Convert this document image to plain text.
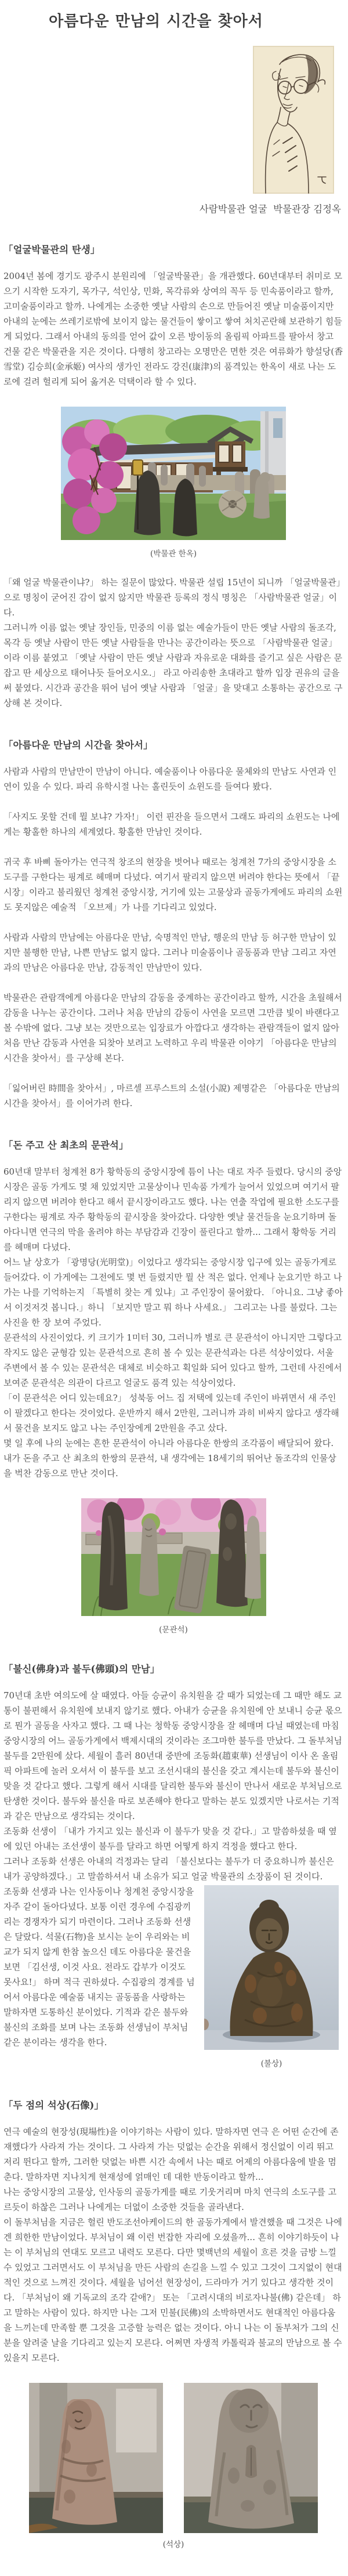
아름다운 만남의 시간을 찾아서
사람박물관 얼굴  박물관장 김정옥
「얼굴박물관의 탄생」

2004년 봄에 경기도 광주시 분원리에 「얼굴박물관」을 개관했다. 60년대부터 취미로 모으기 시작한 도자기, 목가구, 석인상, 민화, 목각류와 상여의 꼭두 등 민속품이라고 할까, 고미술품이라고 할까. 나에게는 소중한 옛날 사람의 손으로 만들어진 옛날 미술품이지만 아내의 눈에는 쓰레기로밖에 보이지 않는 물건들이 쌓이고 쌓여 처치곤란해 보관하기 힘들게 되었다. 그래서 아내의 동의를 얻어 값이 오른 방이동의 올림픽 아파트를 팔아서 창고 건물 같은 박물관을 지은 것이다. 다행히 창고라는 오명만은 면한 것은 여류화가 향설당(香雪堂) 김승희(金承姬) 여사의 생가인 전라도 강진(康津)의 품격있는 한옥이 새로 나는 도로에 걸려 헐리게 되어 옮겨온 덕택이라 할 수 있다.

(박물관 한옥)

「왜 얼굴 박물관이냐?」 하는 질문이 많았다. 박물관 설립 15년이 되니까 「얼굴박물관」으로 명칭이 굳어진 감이 없지 않지만 박물관 등록의 정식 명칭은 「사람박물관 얼굴」이다.

그러니까 이름 없는 옛날 장인들, 민중의 이름 없는 예술가들이 만든 옛날 사람의 돌조각, 목각 등 옛날 사람이 만든 옛날 사람들을 만나는 공간이라는 뜻으로 「사람박물관 얼굴」이라 이름 붙였고 「옛날 사람이 만든 옛날 사람과 자유로운 대화를 즐기고 싶은 사람은 문잡고 딴 세상으로 태어나듯 들어오시오.」 라고 아리송한 초대라고 할까 입장 권유의 글을 써 붙였다. 시간과 공간을 뛰어 넘어 옛날 사람과 「얼굴」을 맞대고 소통하는 공간으로 구상해 본 것이다.

「아름다운 만남의 시간을 찾아서」

사람과 사람의 만남만이 만남이 아니다. 예술품이나 아름다운 물체와의 만남도 사연과 인연이 있을 수 있다. 파리 유학시절 나는 홀린듯이 쇼윈도를 들여다 봤다.

「사지도 못할 건데 뭘 보냐? 가자!」 이런 핀잔을 들으면서 그래도 파리의 쇼윈도는 나에게는 황홀한 하나의 세계였다. 황홀한 만남인 것이다.

귀국 후 바삐 돌아가는 연극적 창조의 현장을 벗어나 때로는 청계천 7가의 중앙시장을 소도구를 구한다는 핑계로 헤매며 다녔다. 여기서 팔리지 않으면 버려야 한다는 뜻에서 「끝시장」이라고 불리웠던 청계천 중앙시장, 거기에 있는 고물상과 골동가게에도 파리의 쇼윈도 못지않은 예술적 「오브제」가 나를 기다리고 있었다.

사람과 사람의 만남에는 아름다운 만남, 숙명적인 만남, 행운의 만남 등 허구한 만남이 있지만 불행한 만남, 나쁜 만남도 없지 않다. 그러나 미술품이나 골동품과 만남 그리고 자연과의 만남은 아름다운 만남, 감동적인 만남만이 있다.

박물관은 관람객에게 아름다운 만남의 감동을 중계하는 공간이라고 할까, 시간을 초월해서 감동을 나누는 공간이다. 그러나 처음 만남의 감동이 사연을 모르면 그만큼 빛이 바랜다고 볼 수밖에 없다. 그냥 보는 것만으로는 입장료가 아깝다고 생각하는 관람객들이 없지 않아 처음 만난 감동과 사연을 되찾아 보려고 노력하고 우리 박물관 이야기 「아름다운 만남의 시간을 찾아서」를 구상해 본다.

「잃어버린 時間을 찾아서」, 마르셀 프루스트의 소설(小說) 제명같은 「아름다운 만남의 시간을 찾아서」를 이어가려 한다.

「돈 주고 산 최초의 문관석」

60년대 말부터 청계천 8가 황학동의 중앙시장에 틈이 나는 대로 자주 들렸다. 당시의 중앙시장은 골동 가게도 몇 채 있었지만 고물상이나 민속품 가게가 늘어서 있었으며 여기서 팔리지 않으면 버려야 한다고 해서 끝시장이라고도 했다. 나는 연출 작업에 필요한 소도구를 구한다는 핑계로 자주 황학동의 끝시장을 찾아갔다. 다양한 옛날 물건들을 눈요기하며 돌아다니면 연극의 막을 올려야 하는 부담감과 긴장이 풀린다고 할까... 그래서 황학동 거리를 헤매며 다녔다.

어느 날 상호가 「광명당(光明堂)」이었다고 생각되는 중앙시장 입구에 있는 골동가게로 들어갔다. 이 가게에는 그전에도 몇 번 들렸지만 뭘 산 적은 없다. 언제나 눈요기만 하고 나가는 나를 기억하는지 「특별히 찾는 게 있냐」고 주인장이 물어왔다. 「아니요. 그냥 좋아서 이것저것 봅니다.」하니 「보지만 말고 뭐 하나 사세요.」 그리고는 나를 불렀다. 그는 사진을 한 장 보여 주었다.

문관석의 사진이었다. 키 크기가 1미터 30, 그러니까 별로 큰 문관석이 아니지만 그렇다고 작지도 않은 균형감 있는 문관석으로 흔히 볼 수 있는 문관석과는 다른 석상이었다. 서울 주변에서 볼 수 있는 문관석은 대체로 비슷하고 획일화 되어 있다고 할까, 그런데 사진에서 보여준 문관석은 의관이 다르고 얼굴도 품격 있는 석상이었다.

「이 문관석은 어디 있는데요?」 성북동 어느 집 저택에 있는데 주인이 바뀌면서 새 주인이 팔겠다고 한다는 것이었다. 운반까지 해서 2만원, 그러니까 과히 비싸지 않다고 생각해서 물건을 보지도 않고 나는 주인장에게 2만원을 주고 샀다.

몇 일 후에 나의 눈에는 흔한 문관석이 아니라 아름다운 한쌍의 조각품이 배달되어 왔다. 내가 돈을 주고 산 최초의 한쌍의 문관석, 내 생각에는 18세기의 뛰어난 돌조각의 인물상을 벅찬 감동으로 만난 것이다.

(문관석)
「불신(佛身)과 불두(佛頭)의 만남」

70년대 초반 여의도에 살 때였다. 아들 승균이 유치원을 갈 때가 되었는데 그 때만 해도 교통이 불편해서 유치원에 보내지 않기로 했다. 아내가 승균을 유치원에 안 보내니 승균 몫으로 뭔가 골동을 사자고 했다. 그 때 나는 청학동 중앙시장을 잘 헤매며 다닐 때였는데 마침 중앙시장의 어느 골동가게에서 백제시대의 것이라는 조그마한 불두를 만났다. 그 돌부처님 불두를 2만원에 샀다. 세월이 흘러 80년대 중반에 조동화(趙東華) 선생님이 이사 온 올림픽 아파트에 놀러 오셔서 이 불두를 보고 조선시대의 불신을 갖고 계시는데 불두와 불신이 맞을 것 같다고 했다. 그렇게 해서 시대를 달리한 불두와 불신이 만나서 새로운 부처님으로 탄생한 것이다. 불두와 불신을 따로 보존해야 한다고 말하는 분도 있겠지만 나로서는 기적과 같은 만남으로 생각되는 것이다.

조동화 선생이 「내가 가지고 있는 불신과 이 불두가 맞을 것 같다.」고 말씀하셨을 때 옆에 있던 아내는 조선생이 불두를 달라고 하면 어떻게 하지 걱정을 했다고 한다.

그러나 조동화 선생은 아내의 걱정과는 달리 「불신보다는 불두가 더 중요하니까 불신은 내가 공양하겠다.」고 말씀하셔서 내 소유가 되고 얼굴 박물관의 소장품이 된 것이다.

(불상)

조동화 선생과 나는 인사동이나 청계천 중앙시장을 자주 같이 돌아다녔다. 보통 이런 경우에 수집광끼리는 경쟁자가 되기 마련이다. 그러나 조동화 선생은 달랐다. 석물(石物)을 보시는 눈이 우리와는 비교가 되지 않게 한참 높으신 데도 아름다운 물건을 보면 「김선생, 이것 사요. 전라도 갑부가 이것도 못사요!」 하며 적극 권하셨다. 수집광의 경계를 넘어서 아름다운 예술품 내지는 골동품을 사랑하는 말하자면 도통하신 분이었다. 기적과 같은 불두와 불신의 조화를 보며 나는 조동화 선생님이 부처님 같은 분이라는 생각을 한다.

「두 점의 석상(石像)」

연극 예술의 현장성(現場性)을 이야기하는 사람이 있다. 말하자면 연극 은 어떤 순간에 존재했다가 사라져 가는 것이다. 그 사라져 가는 덧없는 순간을 위해서 정신없이 이리 뛰고 저리 뛴다고 할까, 그러한 덧없는 바쁜 시간 속에서 나는 때로 어제의 아름다움에 발을 멈춘다. 말하자면 지나치게 현재성에 얽매인 데 대한 반동이라고 할까...

나는 중앙시장의 고물상, 인사동의 골동가게를 때로 기웃거리며 마치 연극의 소도구를 고르듯이 하찮은 그러나 나에게는 더없이 소중한 것들을 골라낸다.

이 돌부처님을 지금은 헐린 반도조선아케이드의 한 골동가게에서 발견했을 때 그것은 나에겐 희한한 만남이었다. 부처님이 왜 이런 번잡한 자리에 오셨을까... 흔히 이야기하듯이 나는 이 부처님의 연대도 모르고 내력도 모른다. 다만 몇백년의 세월이 흐른 것을 금방 느낄 수 있었고 그러면서도 이 부처님을 만든 사람의 손길을 느낄 수 있고 그것이 그지없이 현대적인 것으로 느껴진 것이다. 세월을 넘어선 현장성이, 드라마가 거기 있다고 생각한 것이다. 「부처님이 왜 기독교의 조각 같애?」 또는 「고려시대의 비로자나불(佛) 같은데」 하고 말하는 사람이 있다. 하지만 나는 그저 민불(民佛)의 소박하면서도 현대적인 아름다움을 느끼는데 만족할 뿐 그것을 고증할 능력은 없는 것이다. 아니 나는 이 돌부처가 그의 신분을 알려줄 날을 기다리고 있는지 모른다. 어쩌면 자생적 카톨릭과 불교의 만남으로 볼 수 있을지 모른다.

(석상)
